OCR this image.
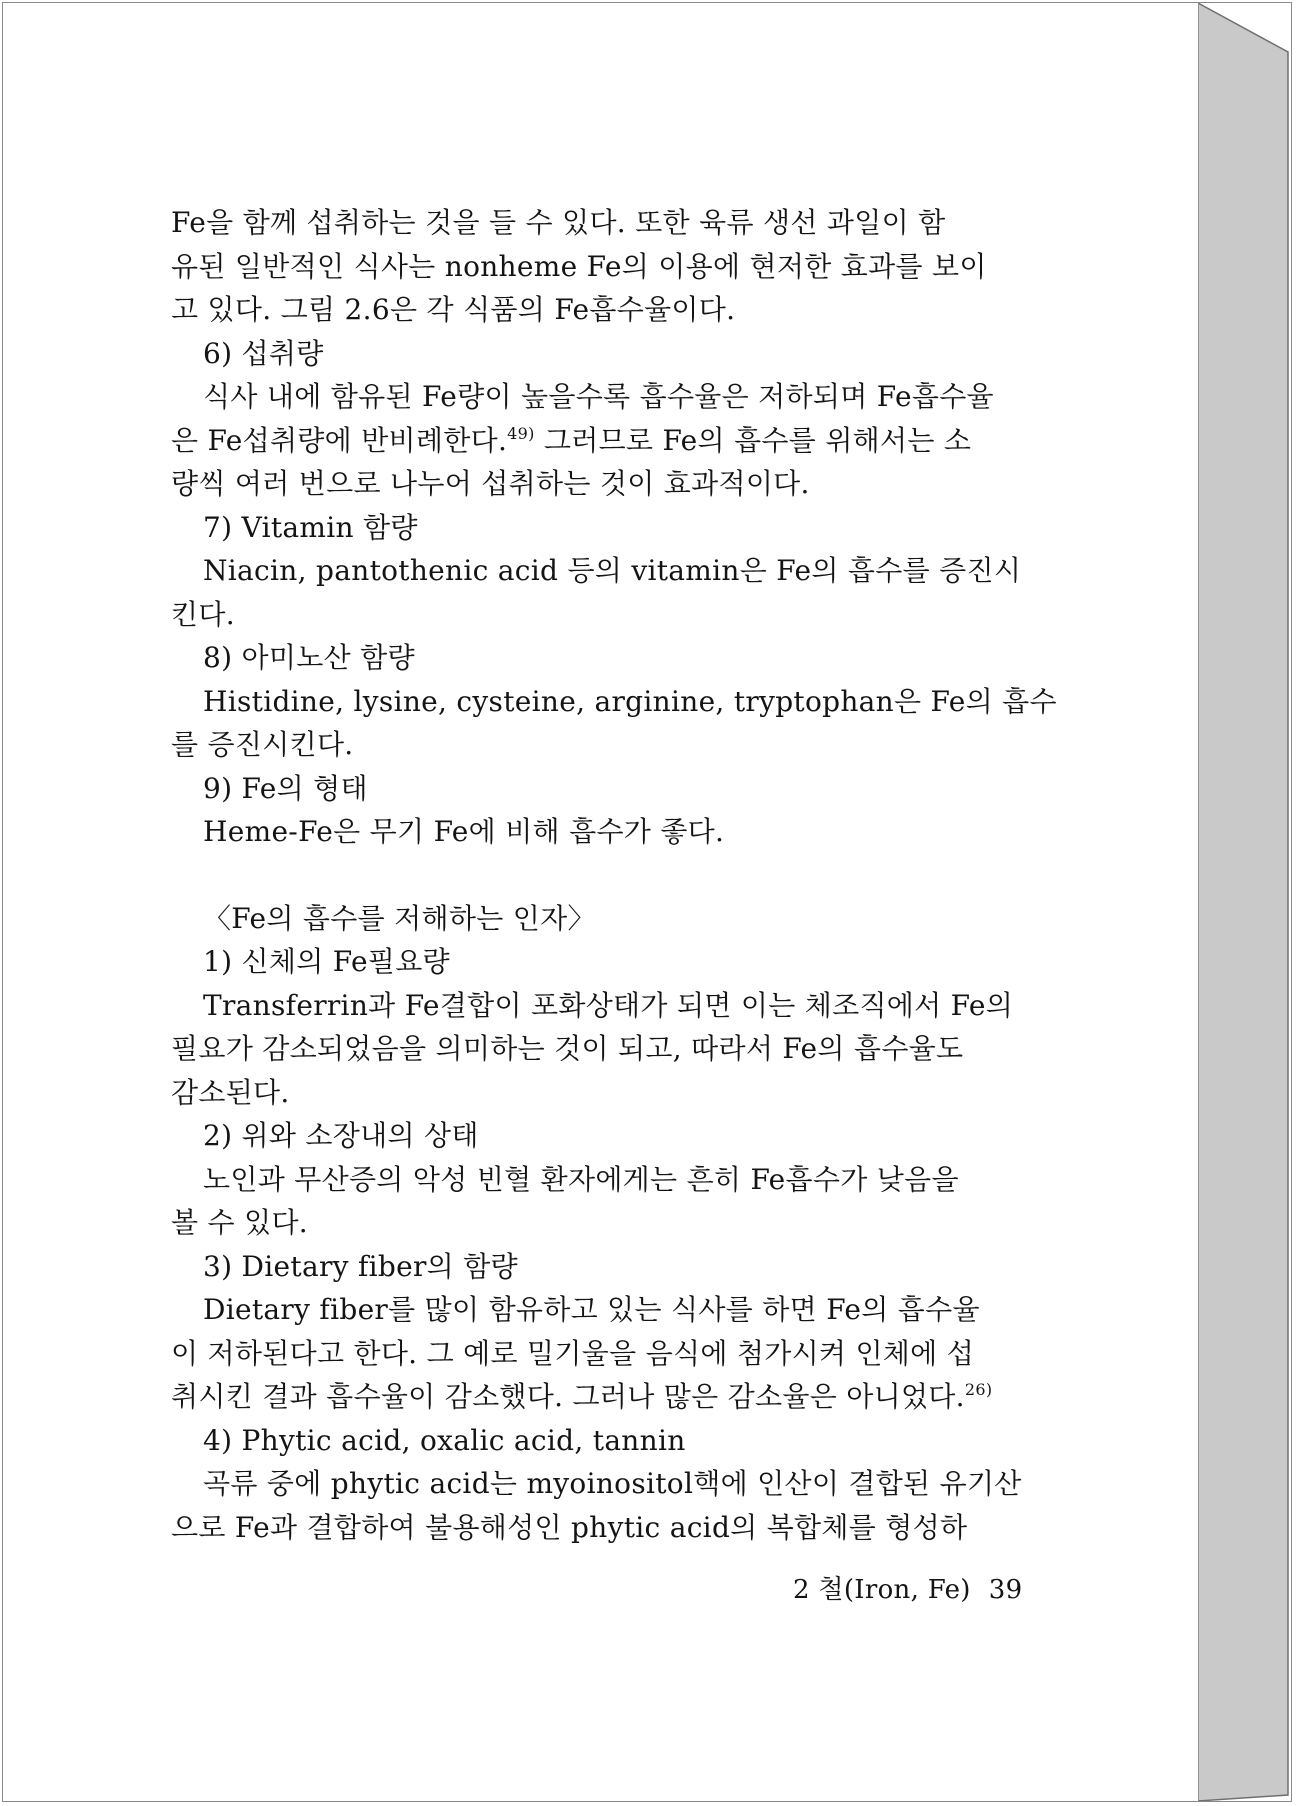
Fe을 함께 섭취하는 것을 들 수 있다. 또한 육류 생선 과일이 함

유된 일반적인 식사는 nonheme Fe의 이용에 현저한 효과를 보이

고 있다. 그림 2.6은 각 식품의 Fe흡수율이다.

6) 섭취량

식사 내에 함유된 Fe량이 높을수록 흡수율은 저하되며 Fe흡수율

은 Fe섭취량에 반비례한다.$^{49)}$ 그러므로 Fe의 흡수를 위해서는 소

량씩 여러 번으로 나누어 섭취하는 것이 효과적이다.

7) Vitamin 함량

Niacin, pantothenic acid 등의 vitamin은 Fe의 흡수를 증진시

킨다.

8) 아미노산 함량

Histidine, lysine, cysteine, arginine, tryptophan은 Fe의 흡수

를 증진시킨다.

9) Fe의 형태

Heme-Fe은 무기 Fe에 비해 흡수가 좋다.

〈Fe의 흡수를 저해하는 인자〉

1) 신체의 Fe필요량

Transferrin과 Fe결합이 포화상태가 되면 이는 체조직에서 Fe의

필요가 감소되었음을 의미하는 것이 되고, 따라서 Fe의 흡수율도

감소된다.

2) 위와 소장내의 상태

노인과 무산증의 악성 빈혈 환자에게는 흔히 Fe흡수가 낮음을

볼 수 있다.

3) Dietary fiber의 함량

Dietary fiber를 많이 함유하고 있는 식사를 하면 Fe의 흡수율

이 저하된다고 한다. 그 예로 밀기울을 음식에 첨가시켜 인체에 섭

취시킨 결과 흡수율이 감소했다. 그러나 많은 감소율은 아니었다.$^{26)}$

4) Phytic acid, oxalic acid, tannin

곡류 중에 phytic acid는 myoinositol핵에 인산이 결합된 유기산

으로 Fe과 결합하여 불용해성인 phytic acid의 복합체를 형성하

2 철(Iron, Fe) 39
